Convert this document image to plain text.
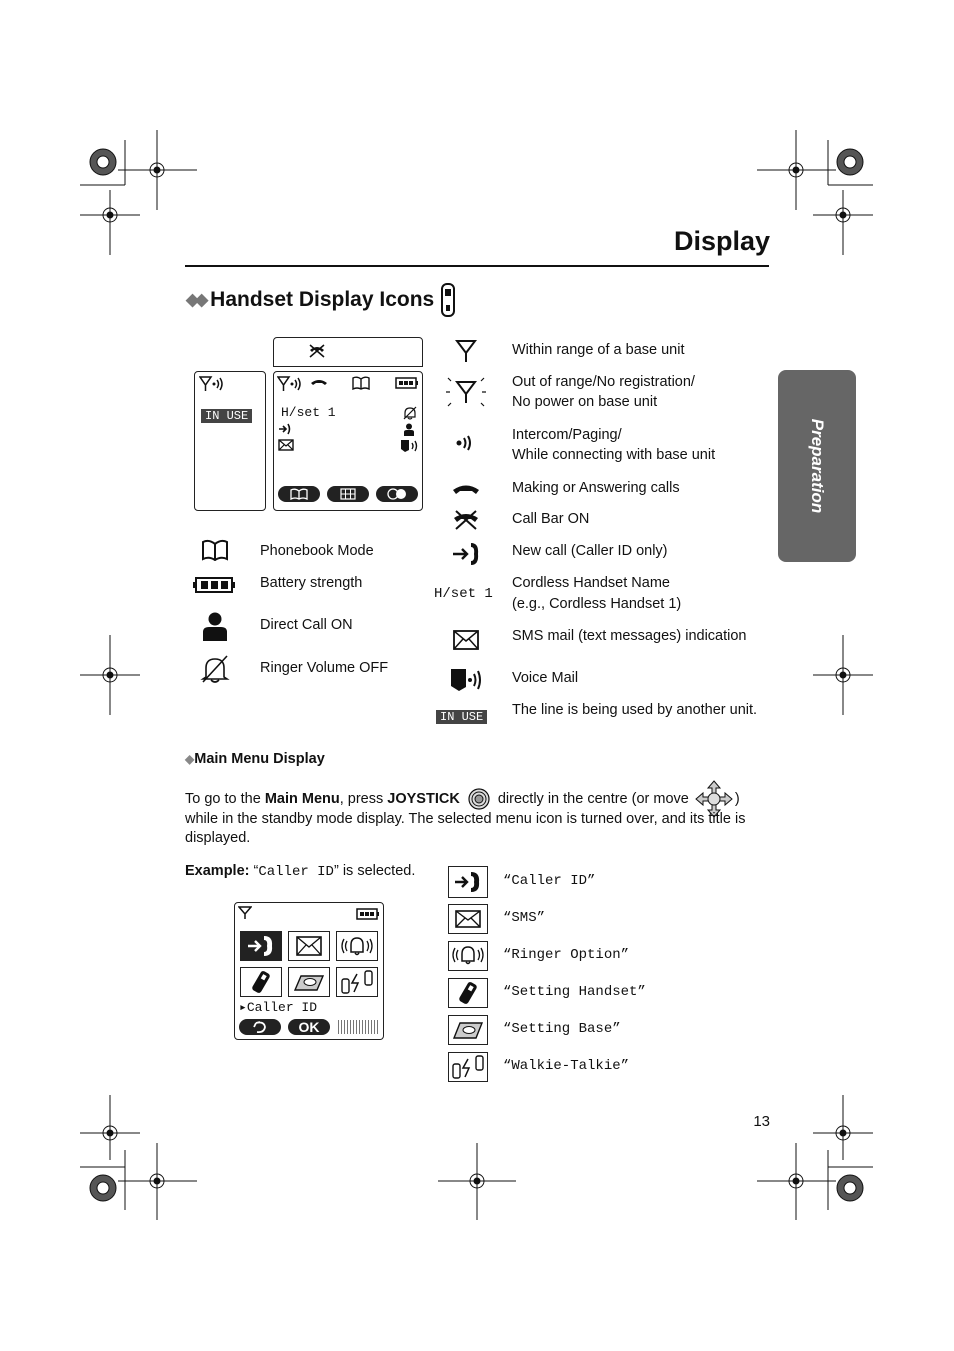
Display
◆◆ Handset Display Icons
Preparation
IN USE	H/set 1
Within range of a base unit
Out of range/No registration/
No power on base unit
Intercom/Paging/
While connecting with base unit
Making or Answering calls
Call Bar ON
New call (Caller ID only)
H/set 1
Cordless Handset Name
(e.g., Cordless Handset 1)
SMS mail (text messages) indication
Voice Mail
IN USE The line is being used by another unit.
Phonebook Mode
Battery strength
Direct Call ON
Ringer Volume OFF
◆Main Menu Display
To go to the Main Menu, press JOYSTICK  directly in the centre (or move	)
while in the standby mode display. The selected menu icon is turned over, and its title is
displayed.
Example: “Caller ID” is selected.
▸Caller ID
OK
“Caller ID”
“SMS”
“Ringer Option”
“Setting Handset”
“Setting Base”
“Walkie-Talkie”
13
